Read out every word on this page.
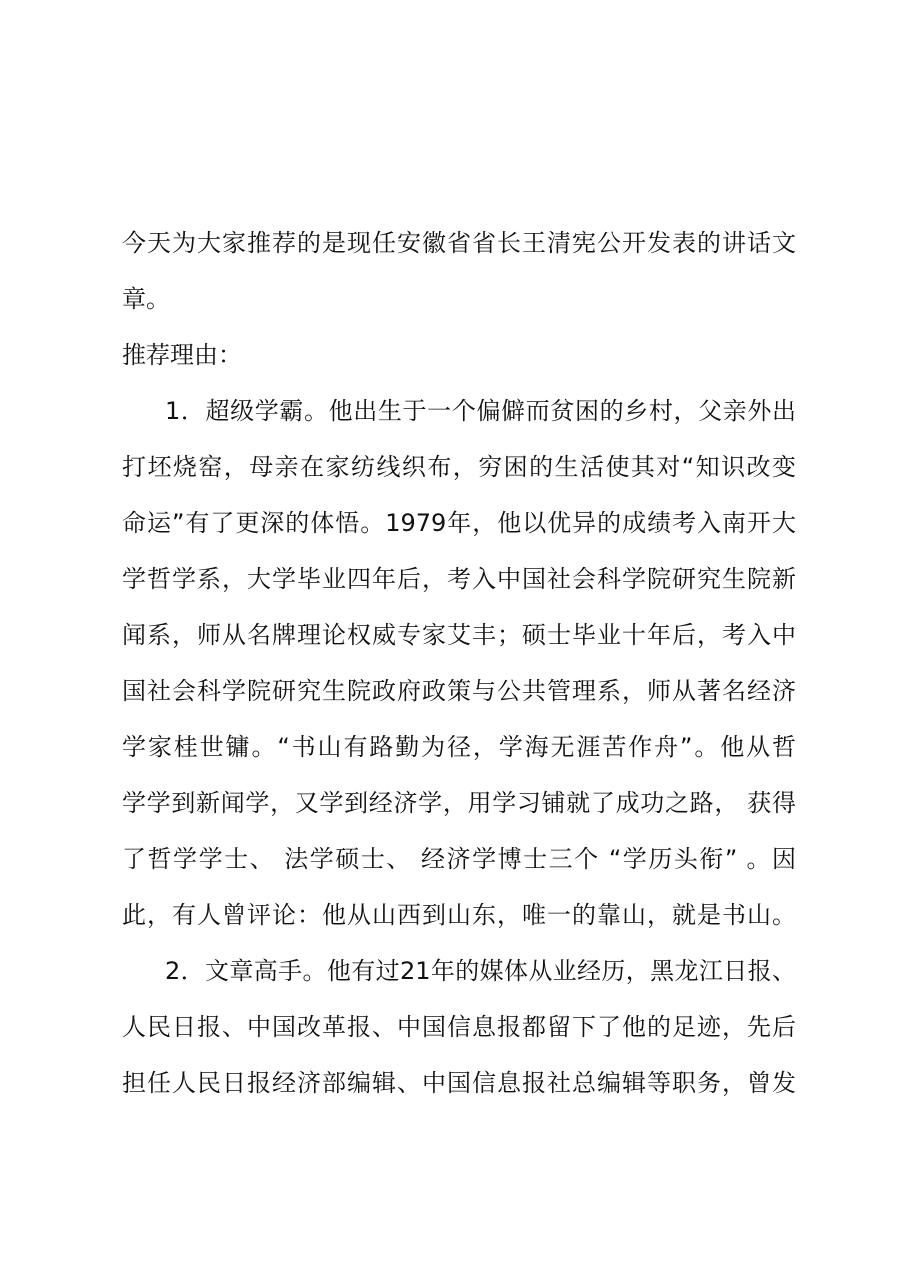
今天为大家推荐的是现任安徽省省长王清宪公开发表的讲话文
章。
推荐理由：
1．超级学霸。他出生于一个偏僻而贫困的乡村，父亲外出
打坯烧窑，母亲在家纺线织布，穷困的生活使其对“知识改变
命运”有了更深的体悟。1979年，他以优异的成绩考入南开大
学哲学系，大学毕业四年后，考入中国社会科学院研究生院新
闻系，师从名牌理论权威专家艾丰；硕士毕业十年后，考入中
国社会科学院研究生院政府政策与公共管理系，师从著名经济
学家桂世镛。“书山有路勤为径，学海无涯苦作舟”。他从哲
学学到新闻学，又学到经济学，用学习铺就了成功之路， 获得
了哲学学士、 法学硕士、 经济学博士三个 “学历头衔” 。因
此，有人曾评论：他从山西到山东，唯一的靠山，就是书山。
2．文章高手。他有过21年的媒体从业经历，黑龙江日报、
人民日报、中国改革报、中国信息报都留下了他的足迹，先后
担任人民日报经济部编辑、中国信息报社总编辑等职务，曾发
